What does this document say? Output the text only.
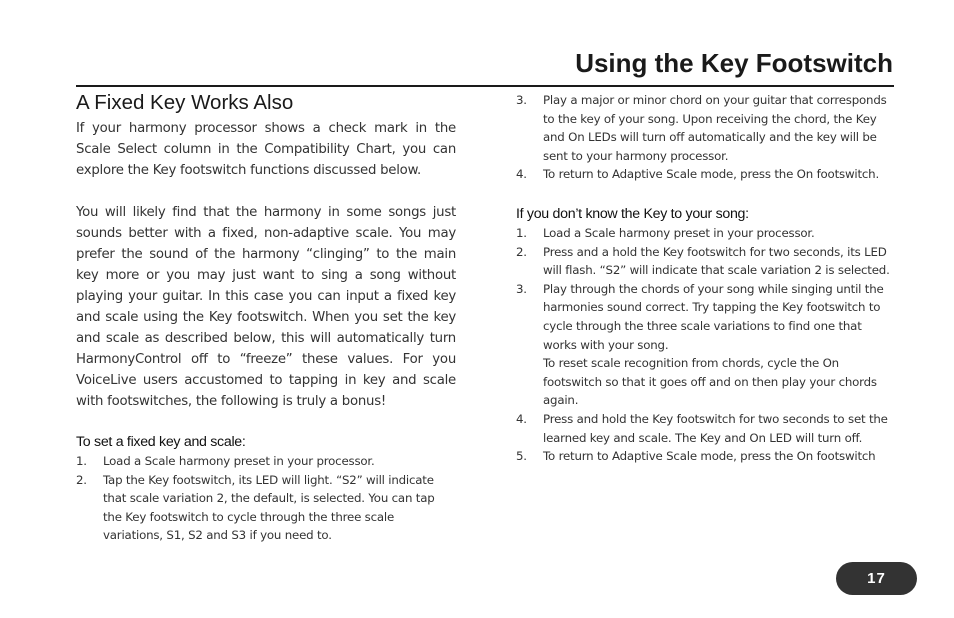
Using the Key Footswitch
A Fixed Key Works Also

If your harmony processor shows a check mark in the Scale Select column in the Compatibility Chart, you can explore the Key footswitch functions discussed below.

You will likely find that the harmony in some songs just sounds better with a fixed, non-adaptive scale. You may prefer the sound of the harmony “clinging” to the main key more or you may just want to sing a song without playing your guitar. In this case you can input a fixed key and scale using the Key footswitch. When you set the key and scale as described below, this will automatically turn HarmonyControl off to “freeze” these values. For you VoiceLive users accustomed to tapping in key and scale with footswitches, the following is truly a bonus!

To set a fixed key and scale:
1.	Load a Scale harmony preset in your processor.
2.	Tap the Key footswitch, its LED will light. “S2” will indicate that scale variation 2, the default, is selected. You can tap the Key footswitch to cycle through the three scale variations, S1, S2 and S3 if you need to.
3.	Play a major or minor chord on your guitar that corresponds to the key of your song. Upon receiving the chord, the Key and On LEDs will turn off automatically and the key will be sent to your harmony processor.
4.	To return to Adaptive Scale mode, press the On footswitch.
If you don’t know the Key to your song:
1.	Load a Scale harmony preset in your processor.
2.	Press and a hold the Key footswitch for two seconds, its LED will flash. “S2” will indicate that scale variation 2 is selected.
3.	Play through the chords of your song while singing until the harmonies sound correct. Try tapping the Key footswitch to cycle through the three scale variations to find one that works with your song.
To reset scale recognition from chords, cycle the On footswitch so that it goes off and on then play your chords again.
4.	Press and hold the Key footswitch for two seconds to set the learned key and scale. The Key and On LED will turn off.
5.	To return to Adaptive Scale mode, press the On footswitch
17
